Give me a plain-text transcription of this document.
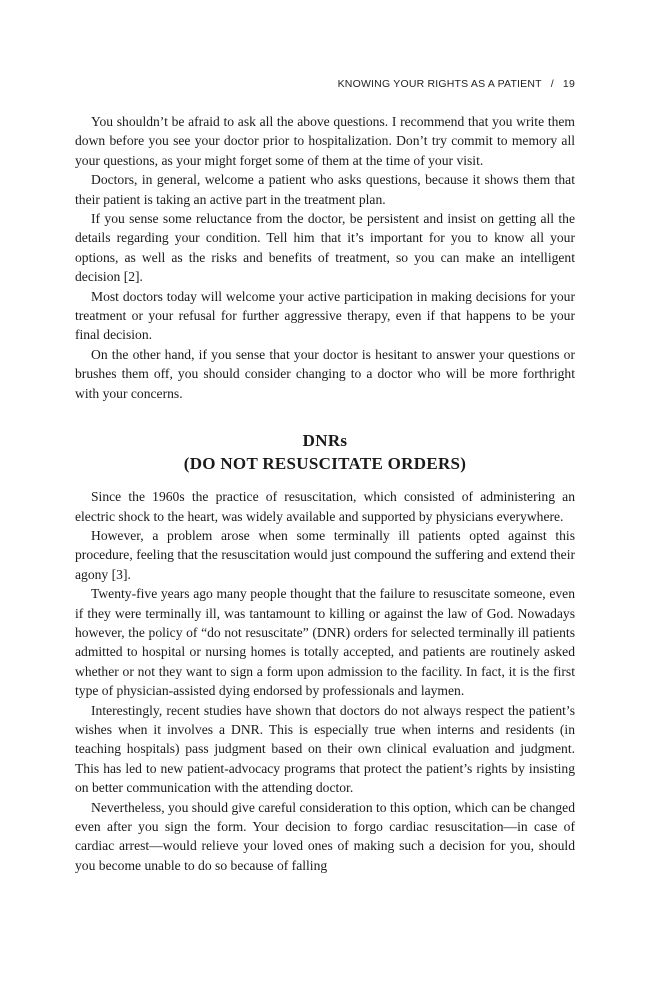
KNOWING YOUR RIGHTS AS A PATIENT / 19

You shouldn’t be afraid to ask all the above questions. I recommend that you write them down before you see your doctor prior to hospitalization. Don’t try commit to memory all your questions, as your might forget some of them at the time of your visit.

Doctors, in general, welcome a patient who asks questions, because it shows them that their patient is taking an active part in the treatment plan.

If you sense some reluctance from the doctor, be persistent and insist on getting all the details regarding your condition. Tell him that it’s important for you to know all your options, as well as the risks and benefits of treatment, so you can make an intelligent decision [2].

Most doctors today will welcome your active participation in making decisions for your treatment or your refusal for further aggressive therapy, even if that happens to be your final decision.

On the other hand, if you sense that your doctor is hesitant to answer your questions or brushes them off, you should consider changing to a doctor who will be more forthright with your concerns.

DNRs
(DO NOT RESUSCITATE ORDERS)

Since the 1960s the practice of resuscitation, which consisted of administering an electric shock to the heart, was widely available and supported by physicians everywhere.

However, a problem arose when some terminally ill patients opted against this procedure, feeling that the resuscitation would just compound the suffering and extend their agony [3].

Twenty-five years ago many people thought that the failure to resuscitate someone, even if they were terminally ill, was tantamount to killing or against the law of God. Nowadays however, the policy of “do not resuscitate” (DNR) orders for selected terminally ill patients admitted to hospital or nursing homes is totally accepted, and patients are routinely asked whether or not they want to sign a form upon admission to the facility. In fact, it is the first type of physician-assisted dying endorsed by professionals and laymen.

Interestingly, recent studies have shown that doctors do not always respect the patient’s wishes when it involves a DNR. This is especially true when interns and residents (in teaching hospitals) pass judgment based on their own clinical evaluation and judgment. This has led to new patient-advocacy programs that protect the patient’s rights by insisting on better communication with the attending doctor.

Nevertheless, you should give careful consideration to this option, which can be changed even after you sign the form. Your decision to forgo cardiac resuscitation—in case of cardiac arrest—would relieve your loved ones of making such a decision for you, should you become unable to do so because of falling
